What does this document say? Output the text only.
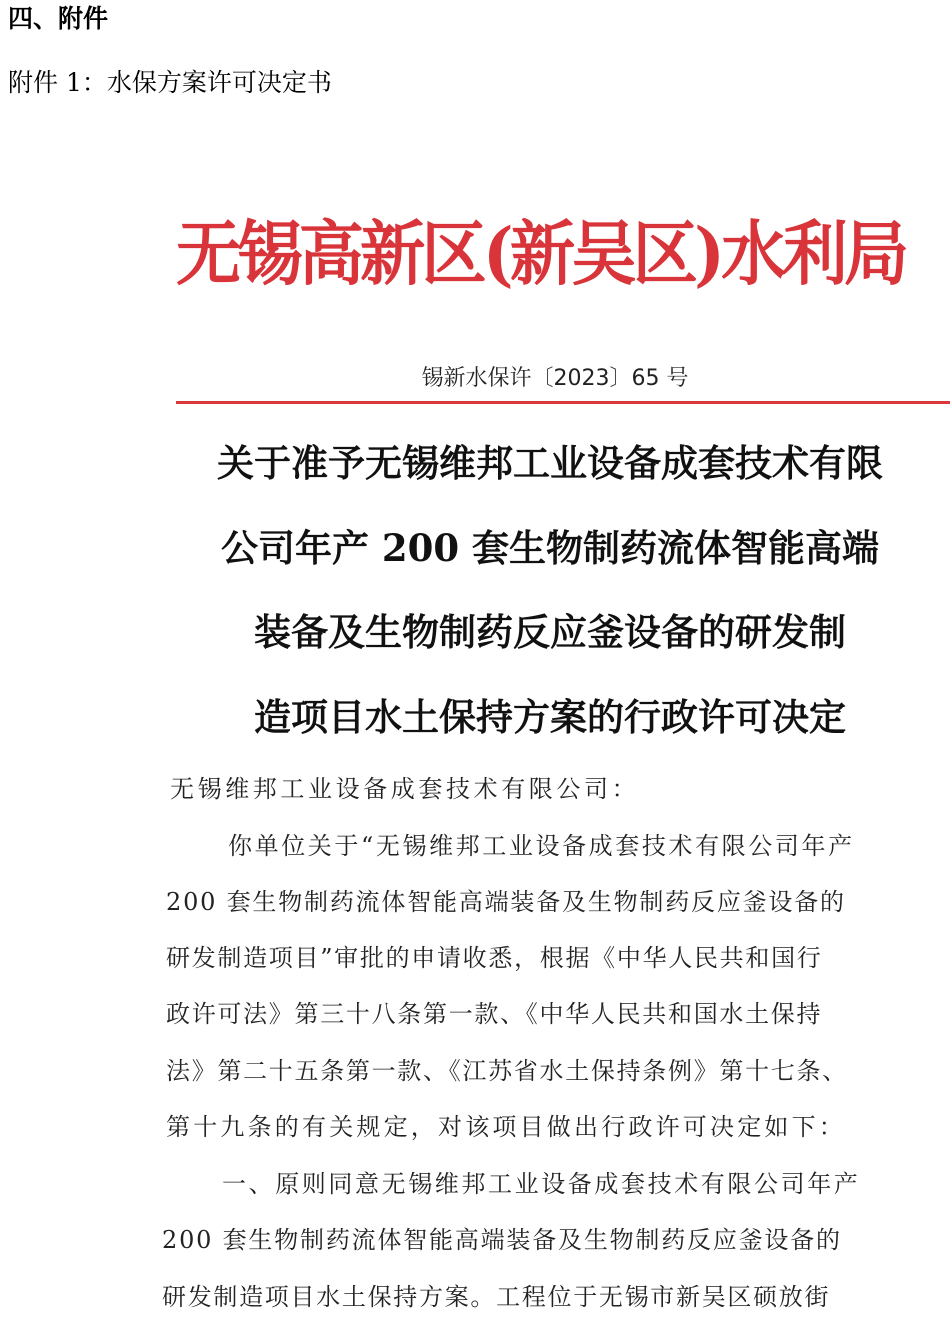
四、附件
附件 1：水保方案许可决定书
无锡高新区(新吴区)水利局
锡新水保许〔2023〕65 号
关于准予无锡维邦工业设备成套技术有限
公司年产 200 套生物制药流体智能高端
装备及生物制药反应釜设备的研发制
造项目水土保持方案的行政许可决定
无锡维邦工业设备成套技术有限公司：
你单位关于“无锡维邦工业设备成套技术有限公司年产
200 套生物制药流体智能高端装备及生物制药反应釜设备的
研发制造项目”审批的申请收悉，根据《中华人民共和国行
政许可法》第三十八条第一款、《中华人民共和国水土保持
法》第二十五条第一款、《江苏省水土保持条例》第十七条、
第十九条的有关规定，对该项目做出行政许可决定如下：
一、原则同意无锡维邦工业设备成套技术有限公司年产
200 套生物制药流体智能高端装备及生物制药反应釜设备的
研发制造项目水土保持方案。工程位于无锡市新吴区硕放街
